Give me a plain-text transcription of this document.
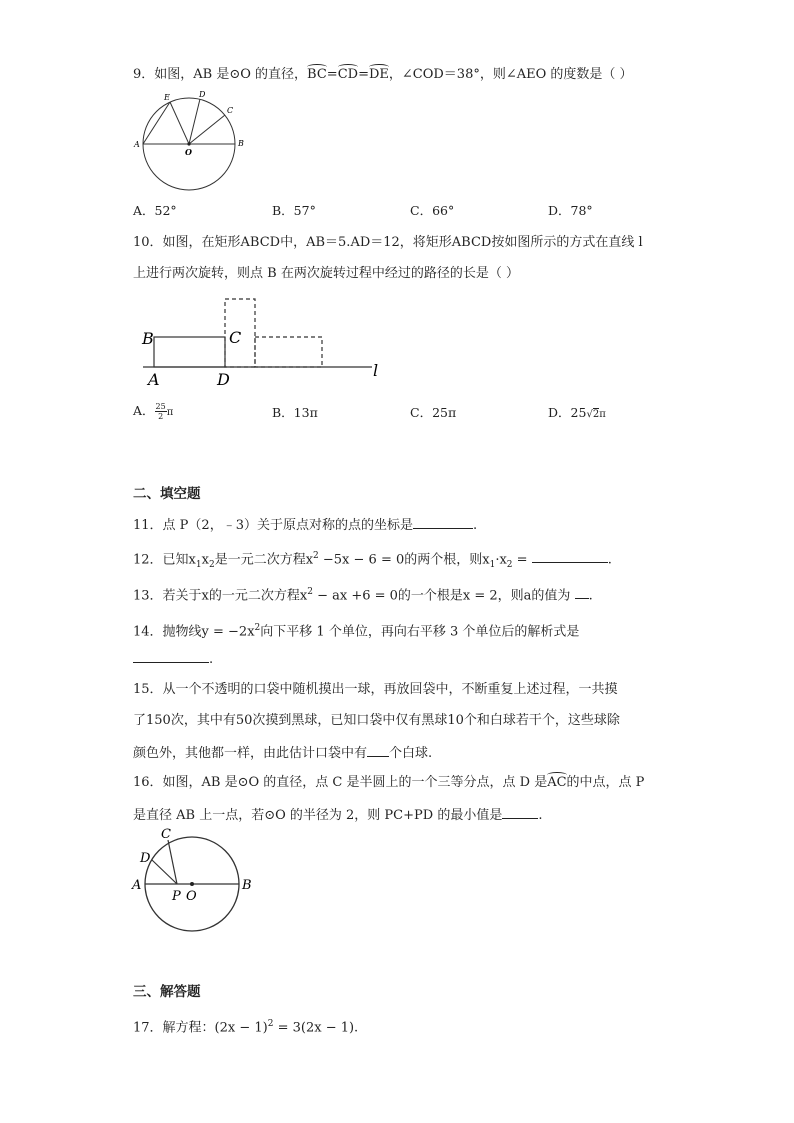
9．如图，AB 是⊙O 的直径，BC=CD=DE，∠COD＝38°，则∠AEO 的度数是（ ）
A	B
C
D
E
O
A．52°	B．57°	C．66°	D．78°
10．如图，在矩形ABCD中，AB＝5.AD＝12，将矩形ABCD按如图所示的方式在直线 l
上进行两次旋转，则点 B 在两次旋转过程中经过的路径的长是（ ）
B	C
A	D	l
A． $\frac{25}{2}$ π	B．13π	C．25π	D．25√2π
二、填空题
11．点 P（2，﹣3）关于原点对称的点的坐标是	.
12．已知$x_1x_2$是一元二次方程$x^2 -5x - 6 = 0$的两个根，则$x_1\cdot x_2$ =	.
13．若关于x的一元二次方程$x^2$ − ax +6 = 0的一个根是x = 2，则a的值为 .
14．抛物线$y = -2x^2$向下平移 1 个单位，再向右平移 3 个单位后的解析式是
.
15．从一个不透明的口袋中随机摸出一球，再放回袋中，不断重复上述过程，一共摸
了150次，其中有50次摸到黑球，已知口袋中仅有黑球10个和白球若干个，这些球除
颜色外，其他都一样，由此估计口袋中有 个白球.
16．如图，AB 是⊙O 的直径，点 C 是半圆上的一个三等分点，点 D 是AC的中点，点 P
是直径 AB 上一点，若⊙O 的半径为 2，则 PC+PD 的最小值是	.
A	B
C
D
P O
三、解答题
17．解方程：$(2x - 1)^2 = 3(2x - 1)$.
